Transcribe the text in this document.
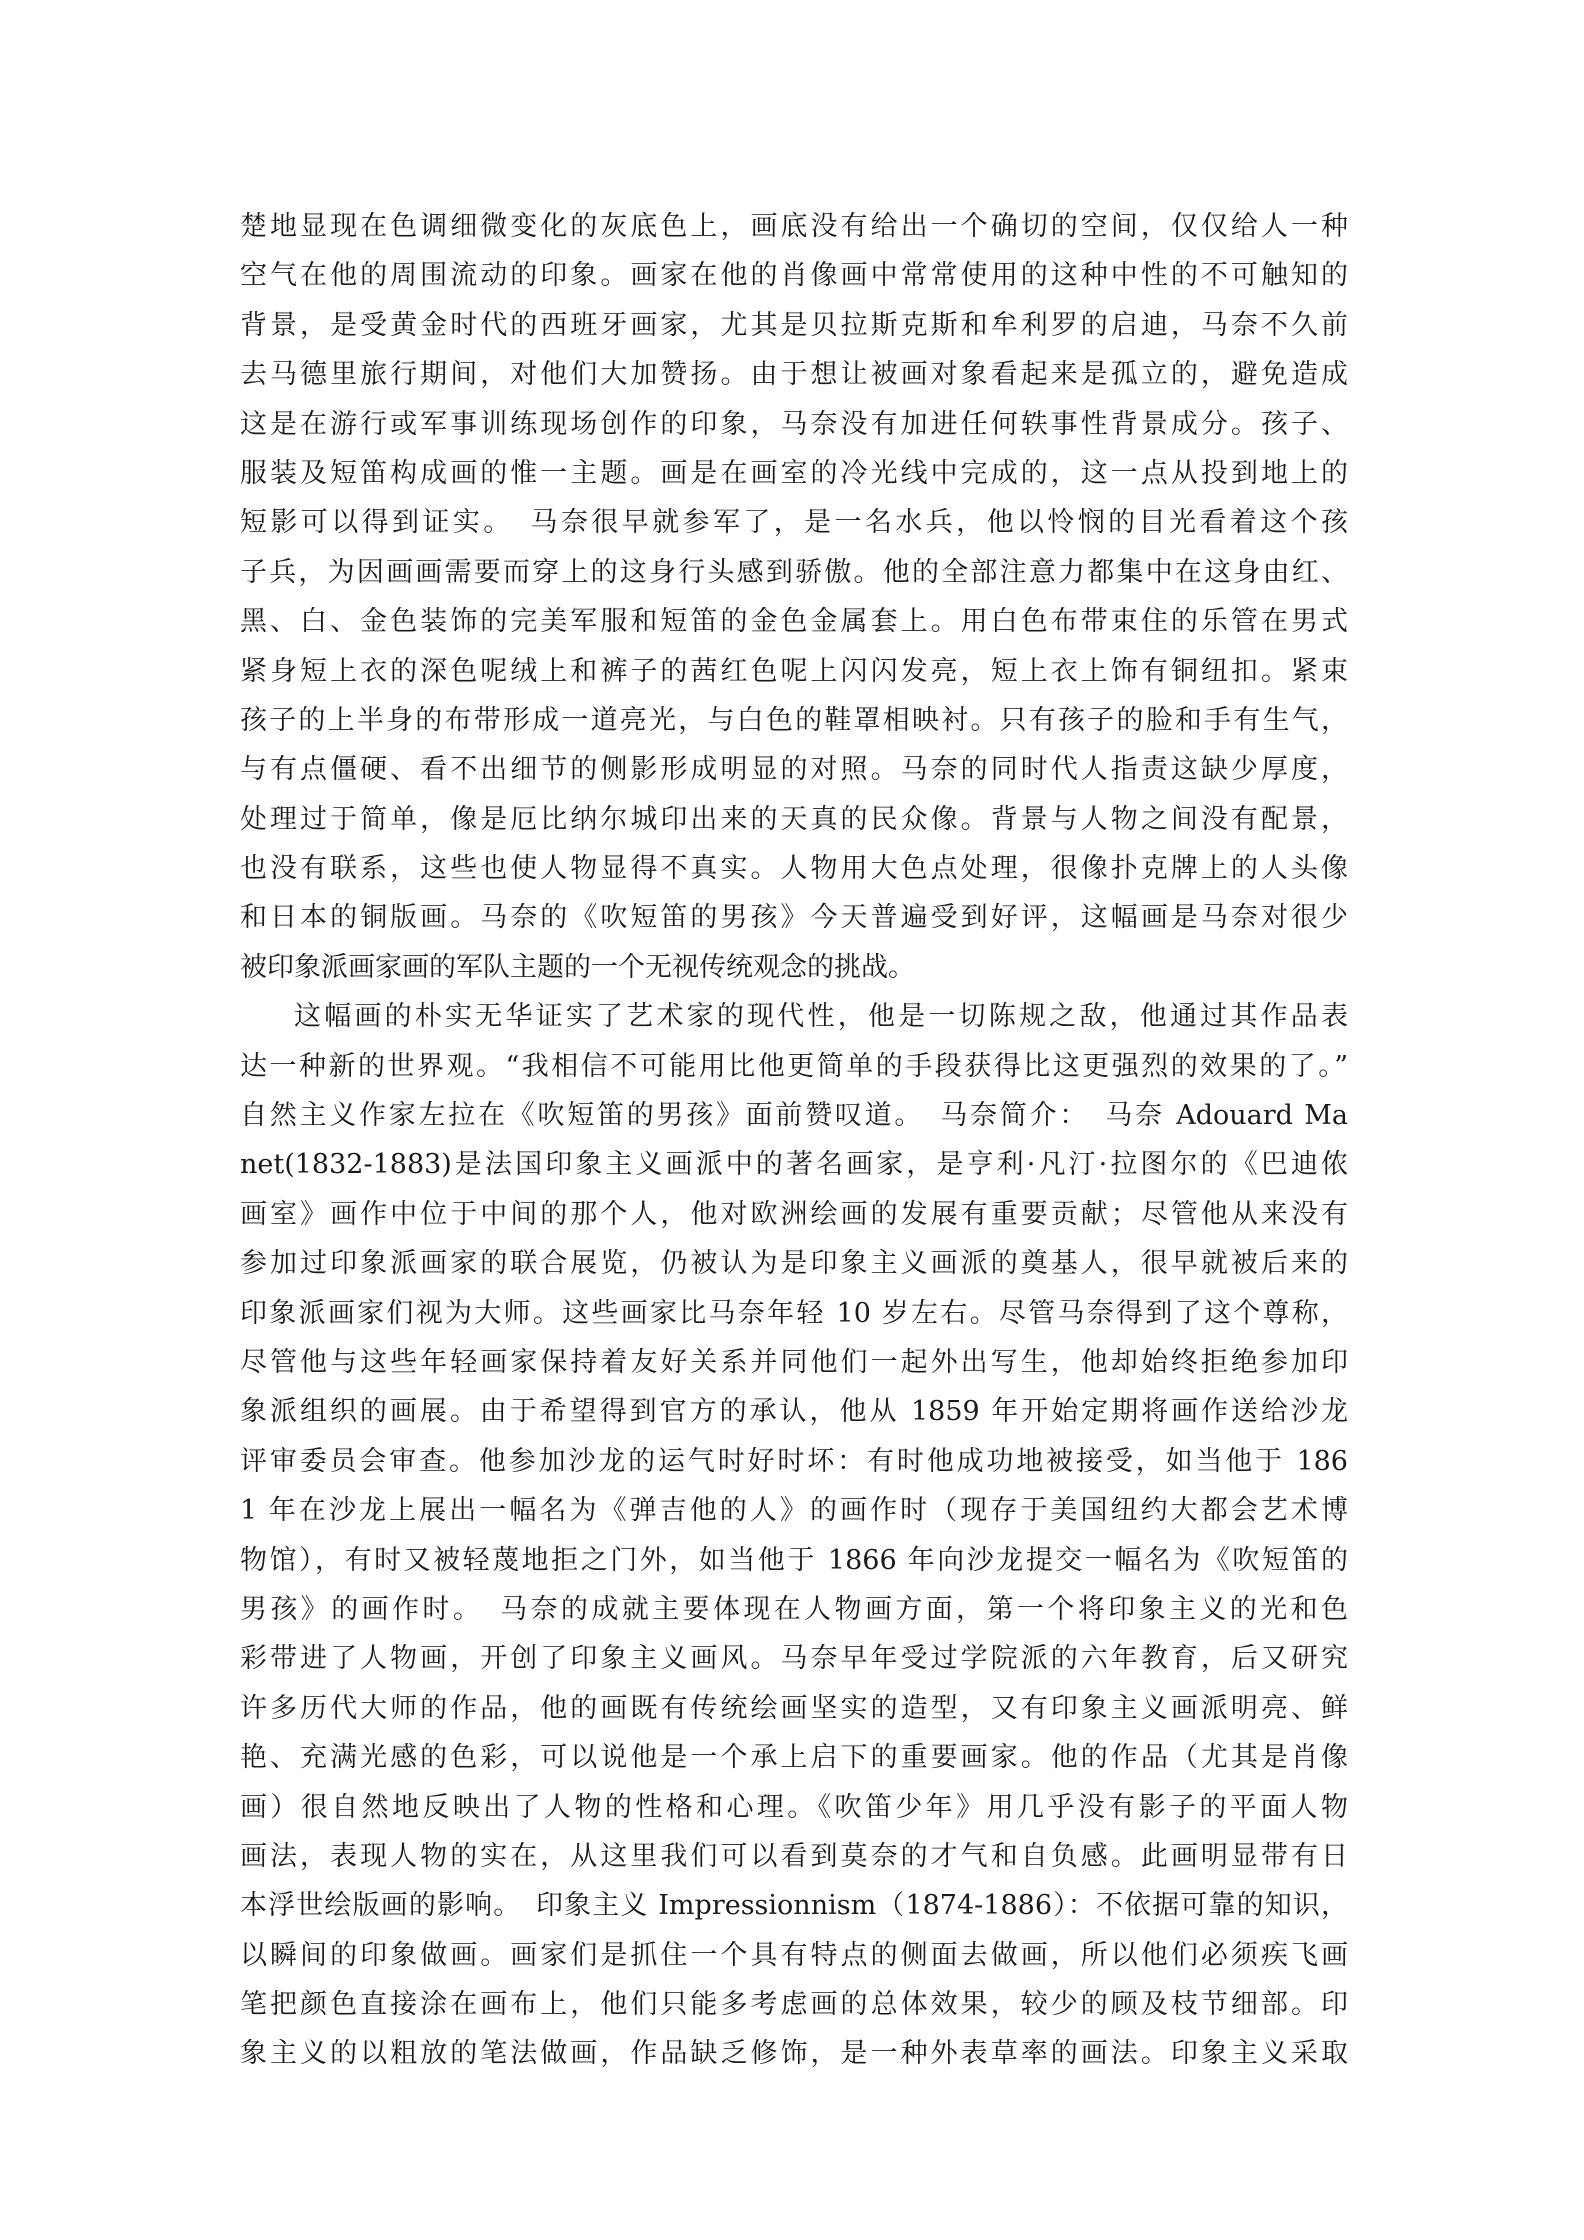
楚地显现在色调细微变化的灰底色上，画底没有给出一个确切的空间，仅仅给人一种
空气在他的周围流动的印象。画家在他的肖像画中常常使用的这种中性的不可触知的
背景，是受黄金时代的西班牙画家，尤其是贝拉斯克斯和牟利罗的启迪，马奈不久前
去马德里旅行期间，对他们大加赞扬。由于想让被画对象看起来是孤立的，避免造成
这是在游行或军事训练现场创作的印象，马奈没有加进任何轶事性背景成分。孩子、
服装及短笛构成画的惟一主题。画是在画室的冷光线中完成的，这一点从投到地上的
短影可以得到证实。　马奈很早就参军了，是一名水兵，他以怜悯的目光看着这个孩
子兵，为因画画需要而穿上的这身行头感到骄傲。他的全部注意力都集中在这身由红、
黑、白、金色装饰的完美军服和短笛的金色金属套上。用白色布带束住的乐管在男式
紧身短上衣的深色呢绒上和裤子的茜红色呢上闪闪发亮，短上衣上饰有铜纽扣。紧束
孩子的上半身的布带形成一道亮光，与白色的鞋罩相映衬。只有孩子的脸和手有生气，
与有点僵硬、看不出细节的侧影形成明显的对照。马奈的同时代人指责这缺少厚度，
处理过于简单，像是厄比纳尔城印出来的天真的民众像。背景与人物之间没有配景，
也没有联系，这些也使人物显得不真实。人物用大色点处理，很像扑克牌上的人头像
和日本的铜版画。马奈的《吹短笛的男孩》今天普遍受到好评，这幅画是马奈对很少
被印象派画家画的军队主题的一个无视传统观念的挑战。
这幅画的朴实无华证实了艺术家的现代性，他是一切陈规之敌，他通过其作品表
达一种新的世界观。“我相信不可能用比他更简单的手段获得比这更强烈的效果的了。”
自然主义作家左拉在《吹短笛的男孩》面前赞叹道。　马奈简介：　马奈 Adouard Ma
net(1832-1883)是法国印象主义画派中的著名画家，是亨利·凡汀·拉图尔的《巴迪侬
画室》画作中位于中间的那个人，他对欧洲绘画的发展有重要贡献；尽管他从来没有
参加过印象派画家的联合展览，仍被认为是印象主义画派的奠基人，很早就被后来的
印象派画家们视为大师。这些画家比马奈年轻 10 岁左右。尽管马奈得到了这个尊称，
尽管他与这些年轻画家保持着友好关系并同他们一起外出写生，他却始终拒绝参加印
象派组织的画展。由于希望得到官方的承认，他从 1859 年开始定期将画作送给沙龙
评审委员会审查。他参加沙龙的运气时好时坏：有时他成功地被接受，如当他于 186
1 年在沙龙上展出一幅名为《弹吉他的人》的画作时（现存于美国纽约大都会艺术博
物馆），有时又被轻蔑地拒之门外，如当他于 1866 年向沙龙提交一幅名为《吹短笛的
男孩》的画作时。　马奈的成就主要体现在人物画方面，第一个将印象主义的光和色
彩带进了人物画，开创了印象主义画风。马奈早年受过学院派的六年教育，后又研究
许多历代大师的作品，他的画既有传统绘画坚实的造型，又有印象主义画派明亮、鲜
艳、充满光感的色彩，可以说他是一个承上启下的重要画家。他的作品（尤其是肖像
画）很自然地反映出了人物的性格和心理。《吹笛少年》用几乎没有影子的平面人物
画法，表现人物的实在，从这里我们可以看到莫奈的才气和自负感。此画明显带有日
本浮世绘版画的影响。　印象主义 Impressionnism（1874-1886）：不依据可靠的知识，
以瞬间的印象做画。画家们是抓住一个具有特点的侧面去做画，所以他们必须疾飞画
笔把颜色直接涂在画布上，他们只能多考虑画的总体效果，较少的顾及枝节细部。印
象主义的以粗放的笔法做画，作品缺乏修饰，是一种外表草率的画法。印象主义采取
